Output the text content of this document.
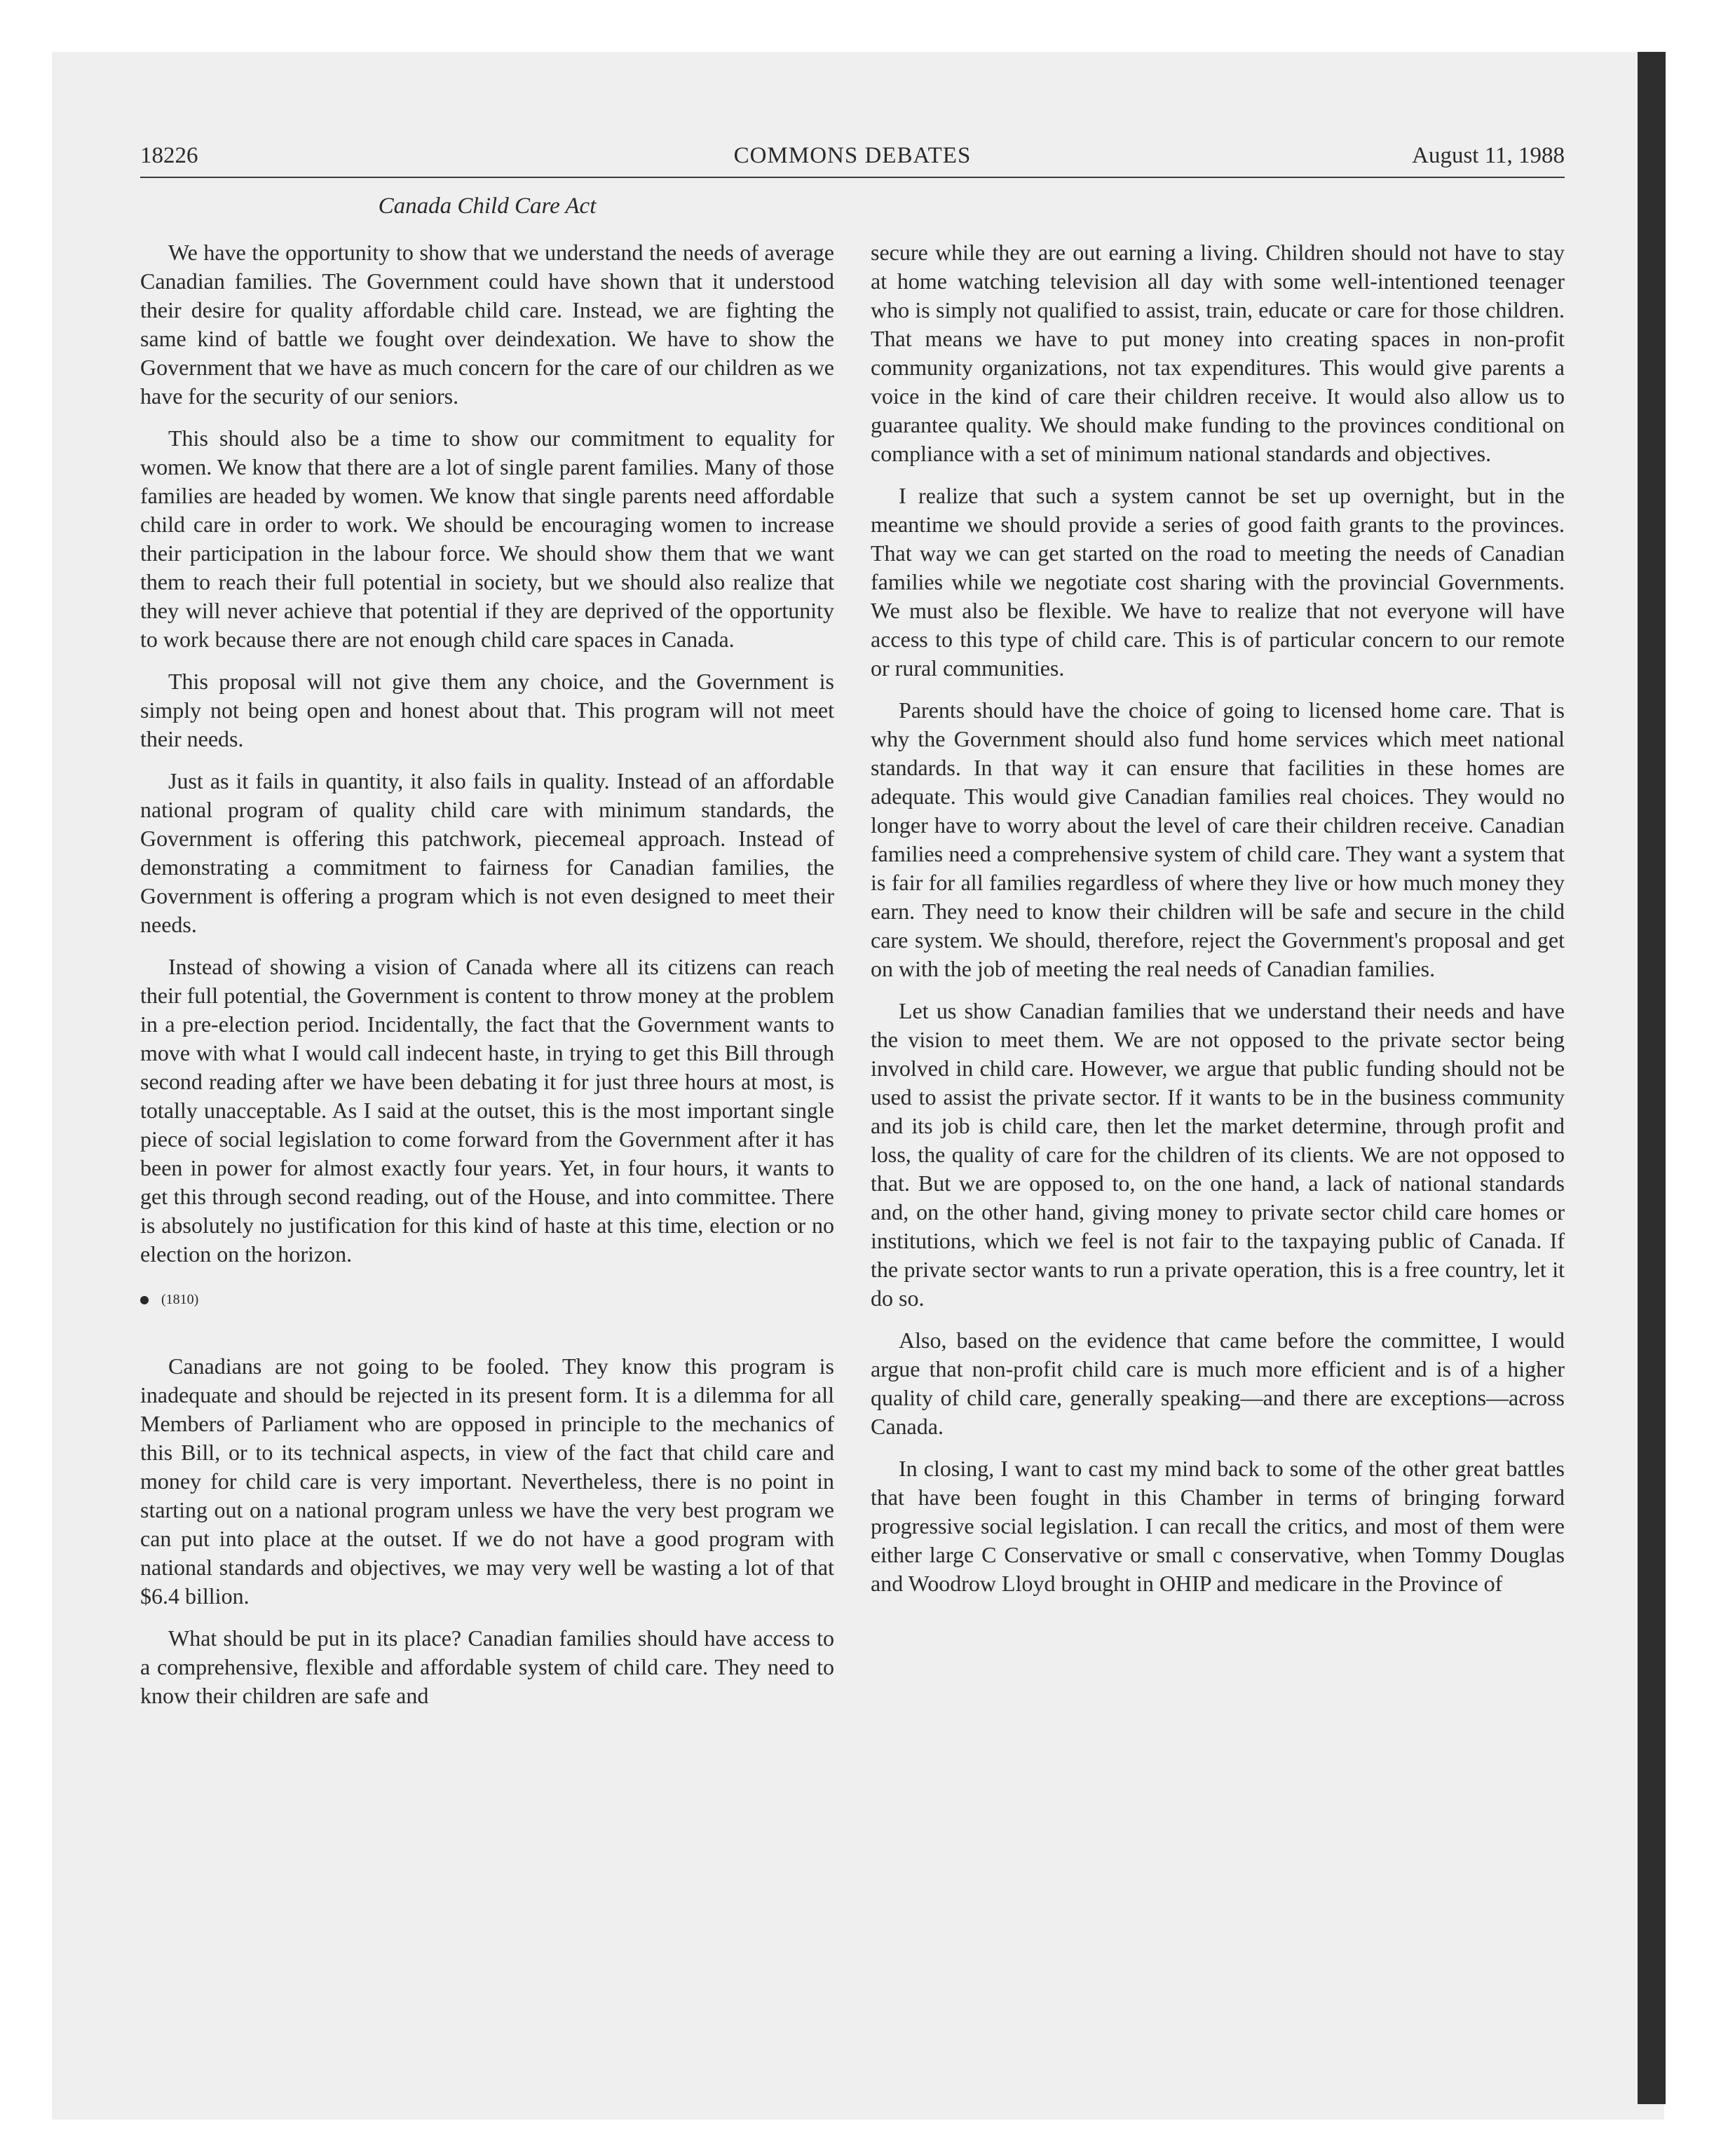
18226	COMMONS DEBATES	August 11, 1988
Canada Child Care Act

We have the opportunity to show that we understand the needs of average Canadian families. The Government could have shown that it understood their desire for quality affordable child care. Instead, we are fighting the same kind of battle we fought over deindexation. We have to show the Government that we have as much concern for the care of our children as we have for the security of our seniors.

This should also be a time to show our commitment to equality for women. We know that there are a lot of single parent families. Many of those families are headed by women. We know that single parents need affordable child care in order to work. We should be encouraging women to increase their participation in the labour force. We should show them that we want them to reach their full potential in society, but we should also realize that they will never achieve that potential if they are deprived of the opportunity to work because there are not enough child care spaces in Canada.

This proposal will not give them any choice, and the Government is simply not being open and honest about that. This program will not meet their needs.

Just as it fails in quantity, it also fails in quality. Instead of an affordable national program of quality child care with minimum standards, the Government is offering this patchwork, piecemeal approach. Instead of demonstrating a commitment to fairness for Canadian families, the Government is offering a program which is not even designed to meet their needs.

Instead of showing a vision of Canada where all its citizens can reach their full potential, the Government is content to throw money at the problem in a pre-election period. Incidentally, the fact that the Government wants to move with what I would call indecent haste, in trying to get this Bill through second reading after we have been debating it for just three hours at most, is totally unacceptable. As I said at the outset, this is the most important single piece of social legislation to come forward from the Government after it has been in power for almost exactly four years. Yet, in four hours, it wants to get this through second reading, out of the House, and into committee. There is absolutely no justification for this kind of haste at this time, election or no election on the horizon.

(1810)

Canadians are not going to be fooled. They know this program is inadequate and should be rejected in its present form. It is a dilemma for all Members of Parliament who are opposed in principle to the mechanics of this Bill, or to its technical aspects, in view of the fact that child care and money for child care is very important. Nevertheless, there is no point in starting out on a national program unless we have the very best program we can put into place at the outset. If we do not have a good program with national standards and objectives, we may very well be wasting a lot of that $6.4 billion.

What should be put in its place? Canadian families should have access to a comprehensive, flexible and affordable system of child care. They need to know their children are safe and

secure while they are out earning a living. Children should not have to stay at home watching television all day with some well-intentioned teenager who is simply not qualified to assist, train, educate or care for those children. That means we have to put money into creating spaces in non-profit community organizations, not tax expenditures. This would give parents a voice in the kind of care their children receive. It would also allow us to guarantee quality. We should make funding to the provinces conditional on compliance with a set of minimum national standards and objectives.

I realize that such a system cannot be set up overnight, but in the meantime we should provide a series of good faith grants to the provinces. That way we can get started on the road to meeting the needs of Canadian families while we negotiate cost sharing with the provincial Governments. We must also be flexible. We have to realize that not everyone will have access to this type of child care. This is of particular concern to our remote or rural communities.

Parents should have the choice of going to licensed home care. That is why the Government should also fund home services which meet national standards. In that way it can ensure that facilities in these homes are adequate. This would give Canadian families real choices. They would no longer have to worry about the level of care their children receive. Canadian families need a comprehensive system of child care. They want a system that is fair for all families regardless of where they live or how much money they earn. They need to know their children will be safe and secure in the child care system. We should, therefore, reject the Government's proposal and get on with the job of meeting the real needs of Canadian families.

Let us show Canadian families that we understand their needs and have the vision to meet them. We are not opposed to the private sector being involved in child care. However, we argue that public funding should not be used to assist the private sector. If it wants to be in the business community and its job is child care, then let the market determine, through profit and loss, the quality of care for the children of its clients. We are not opposed to that. But we are opposed to, on the one hand, a lack of national standards and, on the other hand, giving money to private sector child care homes or institutions, which we feel is not fair to the taxpaying public of Canada. If the private sector wants to run a private operation, this is a free country, let it do so.

Also, based on the evidence that came before the committee, I would argue that non-profit child care is much more efficient and is of a higher quality of child care, generally speaking—and there are exceptions—across Canada.

In closing, I want to cast my mind back to some of the other great battles that have been fought in this Chamber in terms of bringing forward progressive social legislation. I can recall the critics, and most of them were either large C Conservative or small c conservative, when Tommy Douglas and Woodrow Lloyd brought in OHIP and medicare in the Province of
